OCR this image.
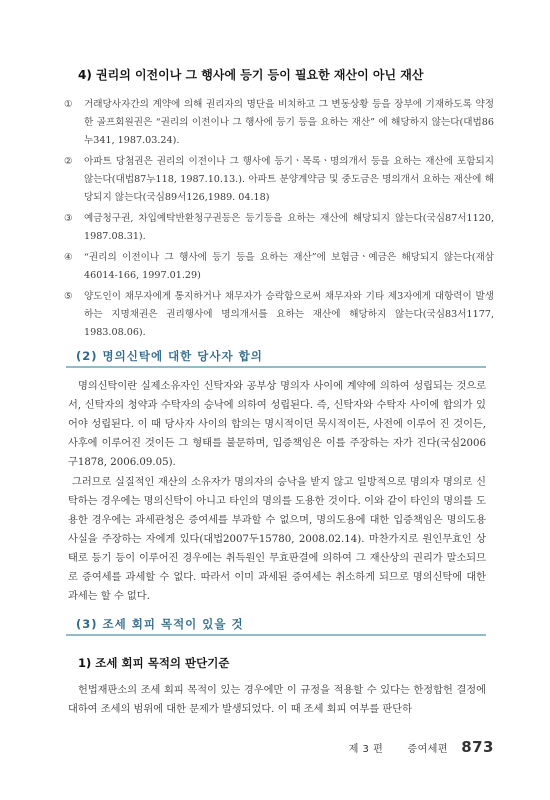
4) 권리의 이전이나 그 행사에 등기 등이 필요한 재산이 아닌 재산
①	거래당사자간의 계약에 의해 권리자의 명단을 비치하고 그 변동상황 등을 장부에 기재하도록 약정한 골프회원권은 “권리의 이전이나 그 행사에 등기 등을 요하는 재산” 에 해당하지 않는다(대법86누341, 1987.03.24).
②	아파트 당첨권은 권리의 이전이나 그 행사에 등기ㆍ목록ㆍ명의개서 등을 요하는 재산에 포함되지 않는다(대법87누118, 1987.10.13.). 아파트 분양계약금 및 중도금은 명의개서 요하는 재산에 해당되지 않는다(국심89서126,1989. 04.18)
③	예금청구권, 차입예탁반환청구권등은 등기등을 요하는 재산에 해당되지 않는다(국심87서1120, 1987.08.31).
④	“권리의 이전이나 그 행사에 등기 등을 요하는 재산”에 보험금ㆍ예금은 해당되지 않는다(재삼46014-166, 1997.01.29)
⑤	양도인이 채무자에게 통지하거나 채무자가 승락함으로써 채무자와 기타 제3자에게 대항력이 발생하는 지명채권은 권리행사에 명의개서를 요하는 재산에 해당하지 않는다(국심83서1177, 1983.08.06).
(2) 명의신탁에 대한 당사자 합의
명의신탁이란 실제소유자인 신탁자와 공부상 명의자 사이에 계약에 의하여 성립되는 것으로서, 신탁자의 청약과 수탁자의 승낙에 의하여 성립된다. 즉, 신탁자와 수탁자 사이에 합의가 있어야 성립된다. 이 때 당사자 사이의 합의는 명시적이던 묵시적이든, 사전에 이루어 진 것이든, 사후에 이루어진 것이든 그 형태를 불문하며, 입증책임은 이를 주장하는 자가 진다(국심2006구1878, 2006.09.05).
그러므로 실질적인 재산의 소유자가 명의자의 승낙을 받지 않고 일방적으로 명의자 명의로 신탁하는 경우에는 명의신탁이 아니고 타인의 명의를 도용한 것이다. 이와 같이 타인의 명의를 도용한 경우에는 과세관청은 증여세를 부과할 수 없으며, 명의도용에 대한 입증책임은 명의도용 사실을 주장하는 자에게 있다(대법2007두15780, 2008.02.14). 마찬가지로 원인무효인 상태로 등기 등이 이루어진 경우에는 취득원인 무효판결에 의하여 그 재산상의 권리가 말소되므로 증여세를 과세할 수 없다. 따라서 이미 과세된 증여세는 취소하게 되므로 명의신탁에 대한 과세는 할 수 없다.
(3) 조세 회피 목적이 있을 것
1) 조세 회피 목적의 판단기준
헌법재판소의 조세 회피 목적이 있는 경우에만 이 규정을 적용할 수 있다는 한정합헌 결정에 대하여 조세의 범위에 대한 문제가 발생되었다. 이 때 조세 회피 여부를 판단하
제 3 편 증여세편 873
